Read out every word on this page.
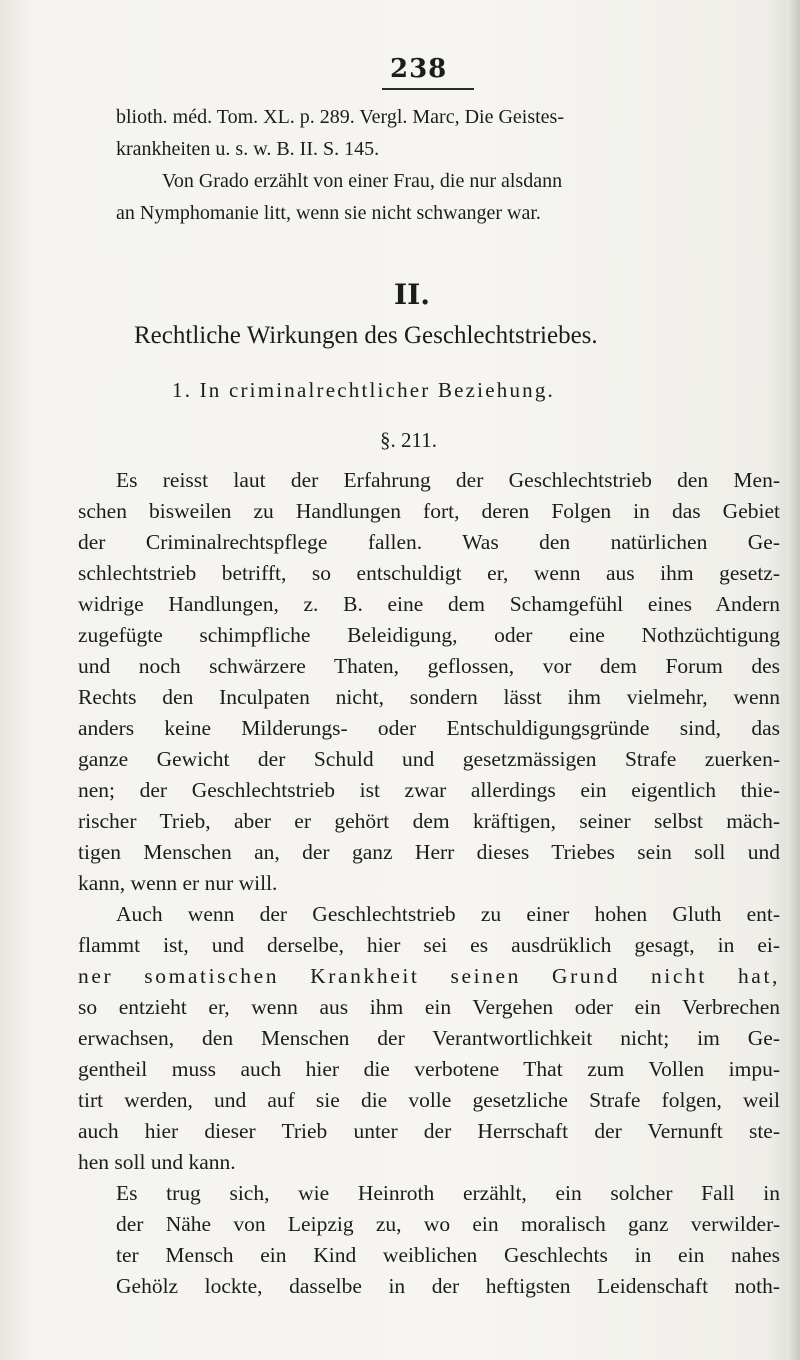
238
blioth. méd. Tom. XL. p. 289. Vergl. Marc, Die Geistes-
krankheiten u. s. w. B. II. S. 145.
Von Grado erzählt von einer Frau, die nur alsdann
an Nymphomanie litt, wenn sie nicht schwanger war.
II.
Rechtliche Wirkungen des Geschlechtstriebes.
1. In criminalrechtlicher Beziehung.
§. 211.
Es reisst laut der Erfahrung der Geschlechtstrieb den Men-
schen bisweilen zu Handlungen fort, deren Folgen in das Gebiet
der Criminalrechtspflege fallen. Was den natürlichen Ge-
schlechtstrieb betrifft, so entschuldigt er, wenn aus ihm gesetz-
widrige Handlungen, z. B. eine dem Schamgefühl eines Andern
zugefügte schimpfliche Beleidigung, oder eine Nothzüchtigung
und noch schwärzere Thaten, geflossen, vor dem Forum des
Rechts den Inculpaten nicht, sondern lässt ihm vielmehr, wenn
anders keine Milderungs- oder Entschuldigungsgründe sind, das
ganze Gewicht der Schuld und gesetzmässigen Strafe zuerken-
nen; der Geschlechtstrieb ist zwar allerdings ein eigentlich thie-
rischer Trieb, aber er gehört dem kräftigen, seiner selbst mäch-
tigen Menschen an, der ganz Herr dieses Triebes sein soll und
kann, wenn er nur will.
Auch wenn der Geschlechtstrieb zu einer hohen Gluth ent-
flammt ist, und derselbe, hier sei es ausdrüklich gesagt, in ei-
ner somatischen Krankheit seinen Grund nicht hat,
so entzieht er, wenn aus ihm ein Vergehen oder ein Verbrechen
erwachsen, den Menschen der Verantwortlichkeit nicht; im Ge-
gentheil muss auch hier die verbotene That zum Vollen impu-
tirt werden, und auf sie die volle gesetzliche Strafe folgen, weil
auch hier dieser Trieb unter der Herrschaft der Vernunft ste-
hen soll und kann.
Es trug sich, wie Heinroth erzählt, ein solcher Fall in
der Nähe von Leipzig zu, wo ein moralisch ganz verwilder-
ter Mensch ein Kind weiblichen Geschlechts in ein nahes
Gehölz lockte, dasselbe in der heftigsten Leidenschaft noth-
